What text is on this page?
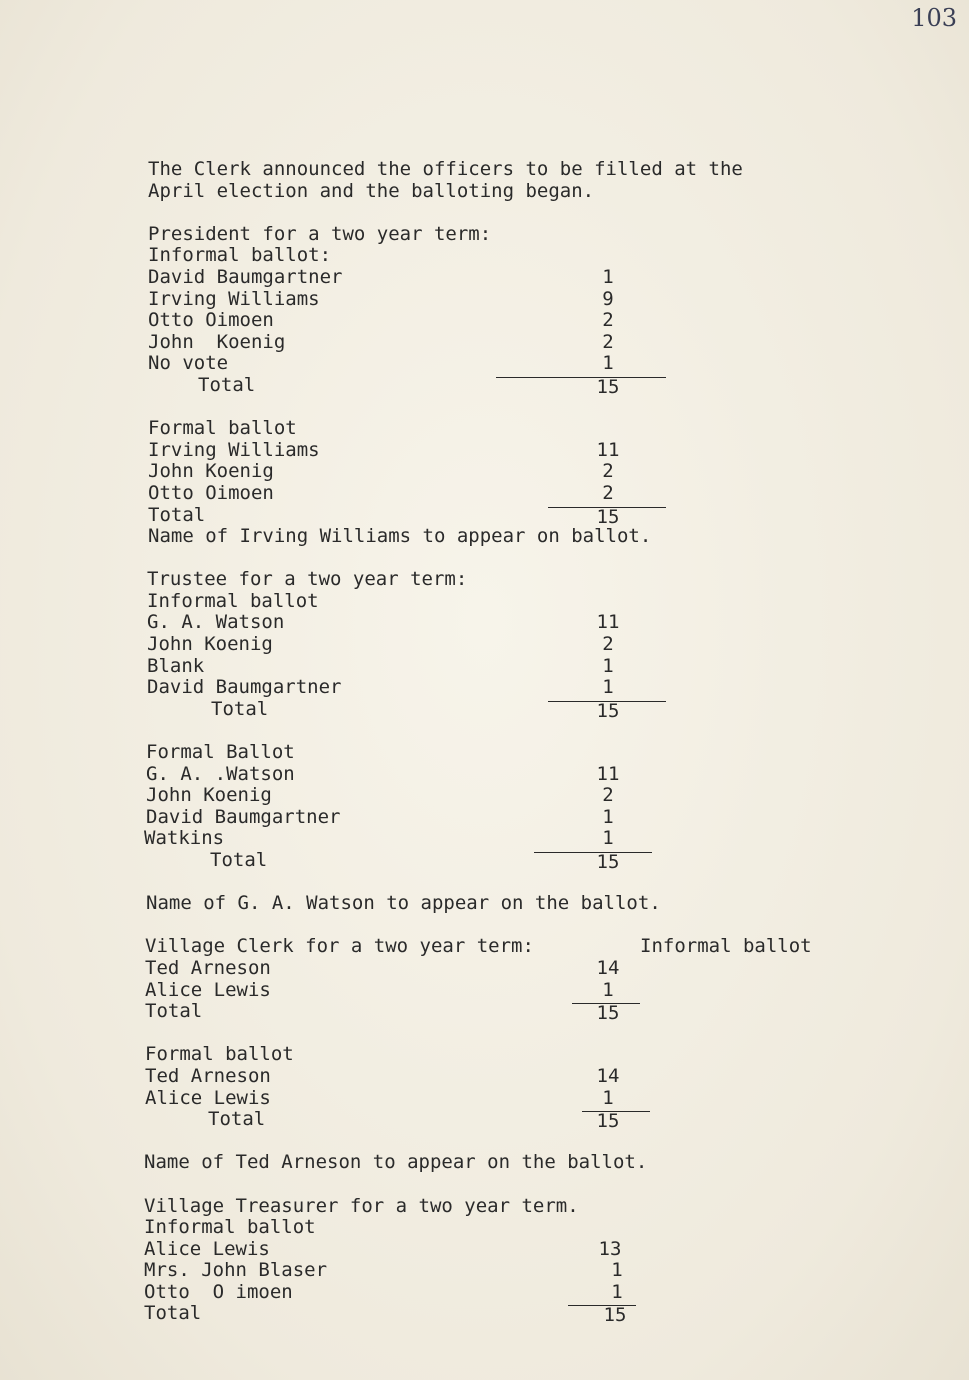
103
The Clerk announced the officers to be filled at the
April election and the balloting began.
President for a two year term:
Informal ballot:
David Baumgartner	1
Irving Williams	9
Otto Oimoen	2
John  Koenig	2
No vote	1
Total	15
Formal ballot
Irving Williams	11
John Koenig	2
Otto Oimoen	2
Total	15
Name of Irving Williams to appear on ballot.
Trustee for a two year term:
Informal ballot
G. A. Watson	11
John Koenig	2
Blank	1
David Baumgartner	1
Total	15
Formal Ballot
G. A. .Watson	11
John Koenig	2
David Baumgartner	1
Watkins	1
Total	15
Name of G. A. Watson to appear on the ballot.
Village Clerk for a two year term:	Informal ballot
Ted Arneson	14
Alice Lewis	1
Total	15
Formal ballot
Ted Arneson	14
Alice Lewis	1
Total	15
Name of Ted Arneson to appear on the ballot.
Village Treasurer for a two year term.
Informal ballot
Alice Lewis	13
Mrs. John Blaser	1
Otto  O imoen	1
Total	15
